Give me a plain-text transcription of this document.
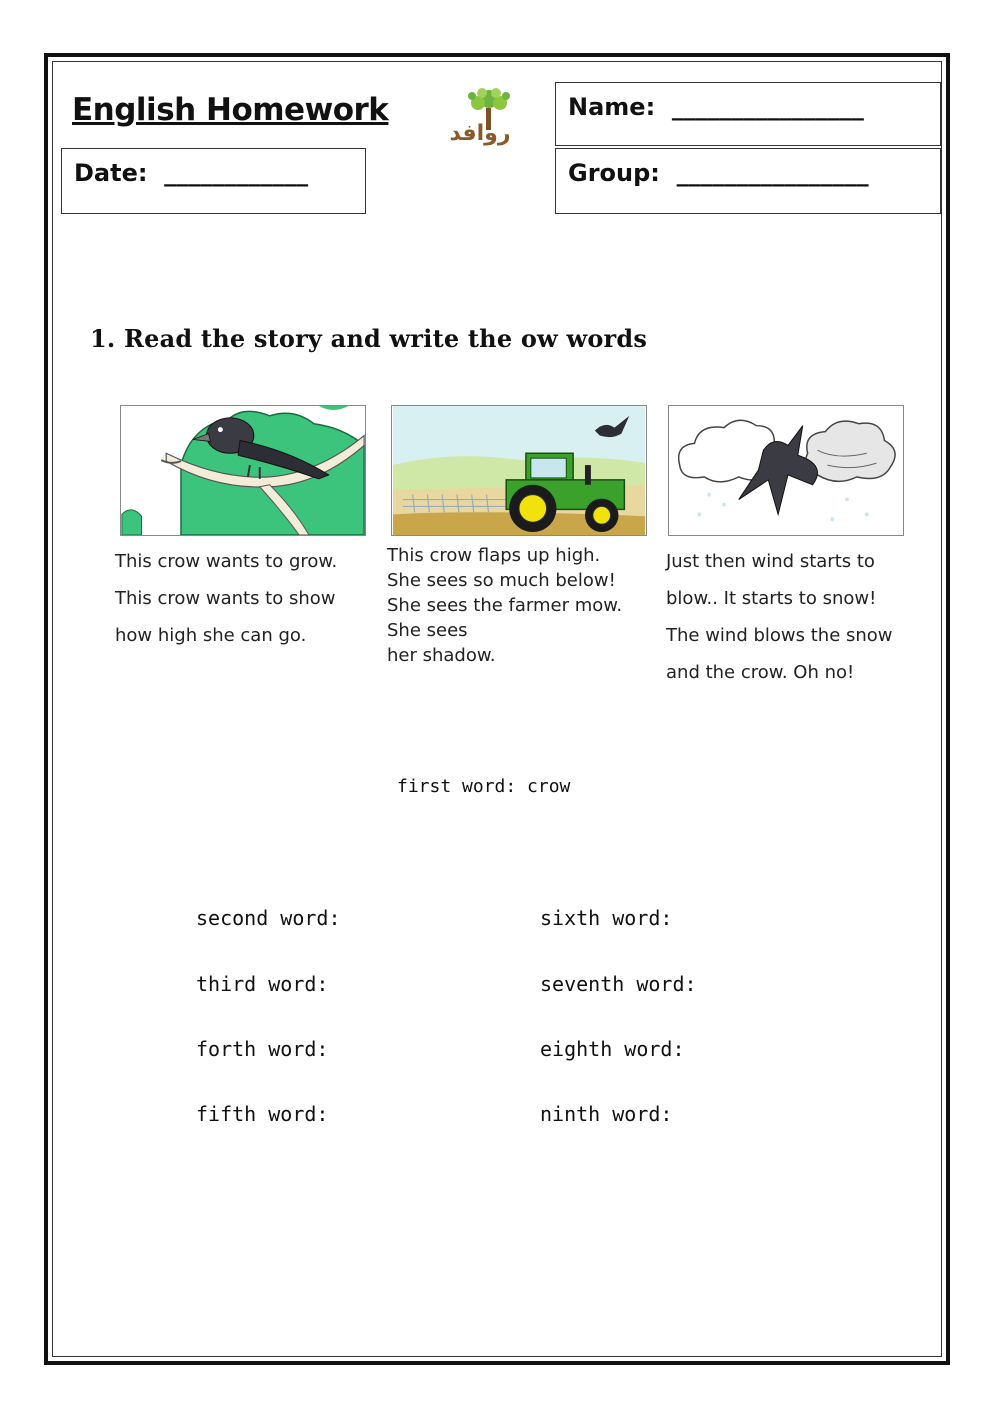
English Homework
Date:  ____________
Name:  ________________
Group:  ________________
روافد
1. Read the story and write the ow words
This crow wants to grow.
This crow wants to show
how high she can go.
This crow flaps up high.
She sees so much below!
She sees the farmer mow.
She sees
her shadow.
Just then wind starts to
blow.. It starts to snow!
The wind blows the snow
and the crow. Oh no!
first word: crow
second word:
third word:
forth word:
fifth word:
sixth word:
seventh word:
eighth word:
ninth word:
